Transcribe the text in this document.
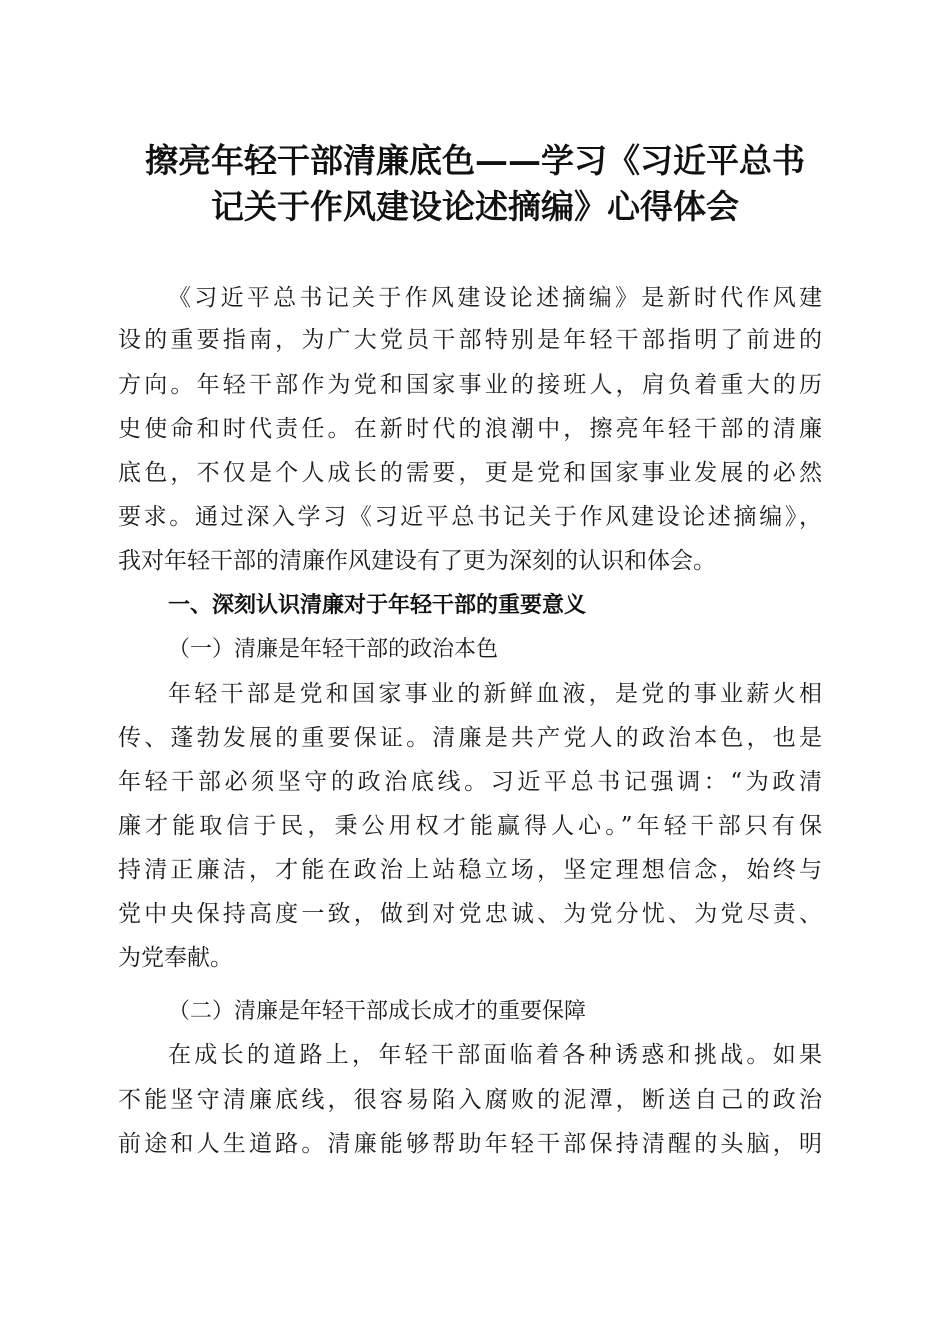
擦亮年轻干部清廉底色——学习《习近平总书
记关于作风建设论述摘编》心得体会
《习近平总书记关于作风建设论述摘编》是新时代作风建
设的重要指南，为广大党员干部特别是年轻干部指明了前进的
方向。年轻干部作为党和国家事业的接班人，肩负着重大的历
史使命和时代责任。在新时代的浪潮中，擦亮年轻干部的清廉
底色，不仅是个人成长的需要，更是党和国家事业发展的必然
要求。通过深入学习《习近平总书记关于作风建设论述摘编》，
我对年轻干部的清廉作风建设有了更为深刻的认识和体会。
一、深刻认识清廉对于年轻干部的重要意义
（一）清廉是年轻干部的政治本色
年轻干部是党和国家事业的新鲜血液，是党的事业薪火相
传、蓬勃发展的重要保证。清廉是共产党人的政治本色，也是
年轻干部必须坚守的政治底线。习近平总书记强调：“为政清
廉才能取信于民，秉公用权才能赢得人心。”年轻干部只有保
持清正廉洁，才能在政治上站稳立场，坚定理想信念，始终与
党中央保持高度一致，做到对党忠诚、为党分忧、为党尽责、
为党奉献。
（二）清廉是年轻干部成长成才的重要保障
在成长的道路上，年轻干部面临着各种诱惑和挑战。如果
不能坚守清廉底线，很容易陷入腐败的泥潭，断送自己的政治
前途和人生道路。清廉能够帮助年轻干部保持清醒的头脑，明
